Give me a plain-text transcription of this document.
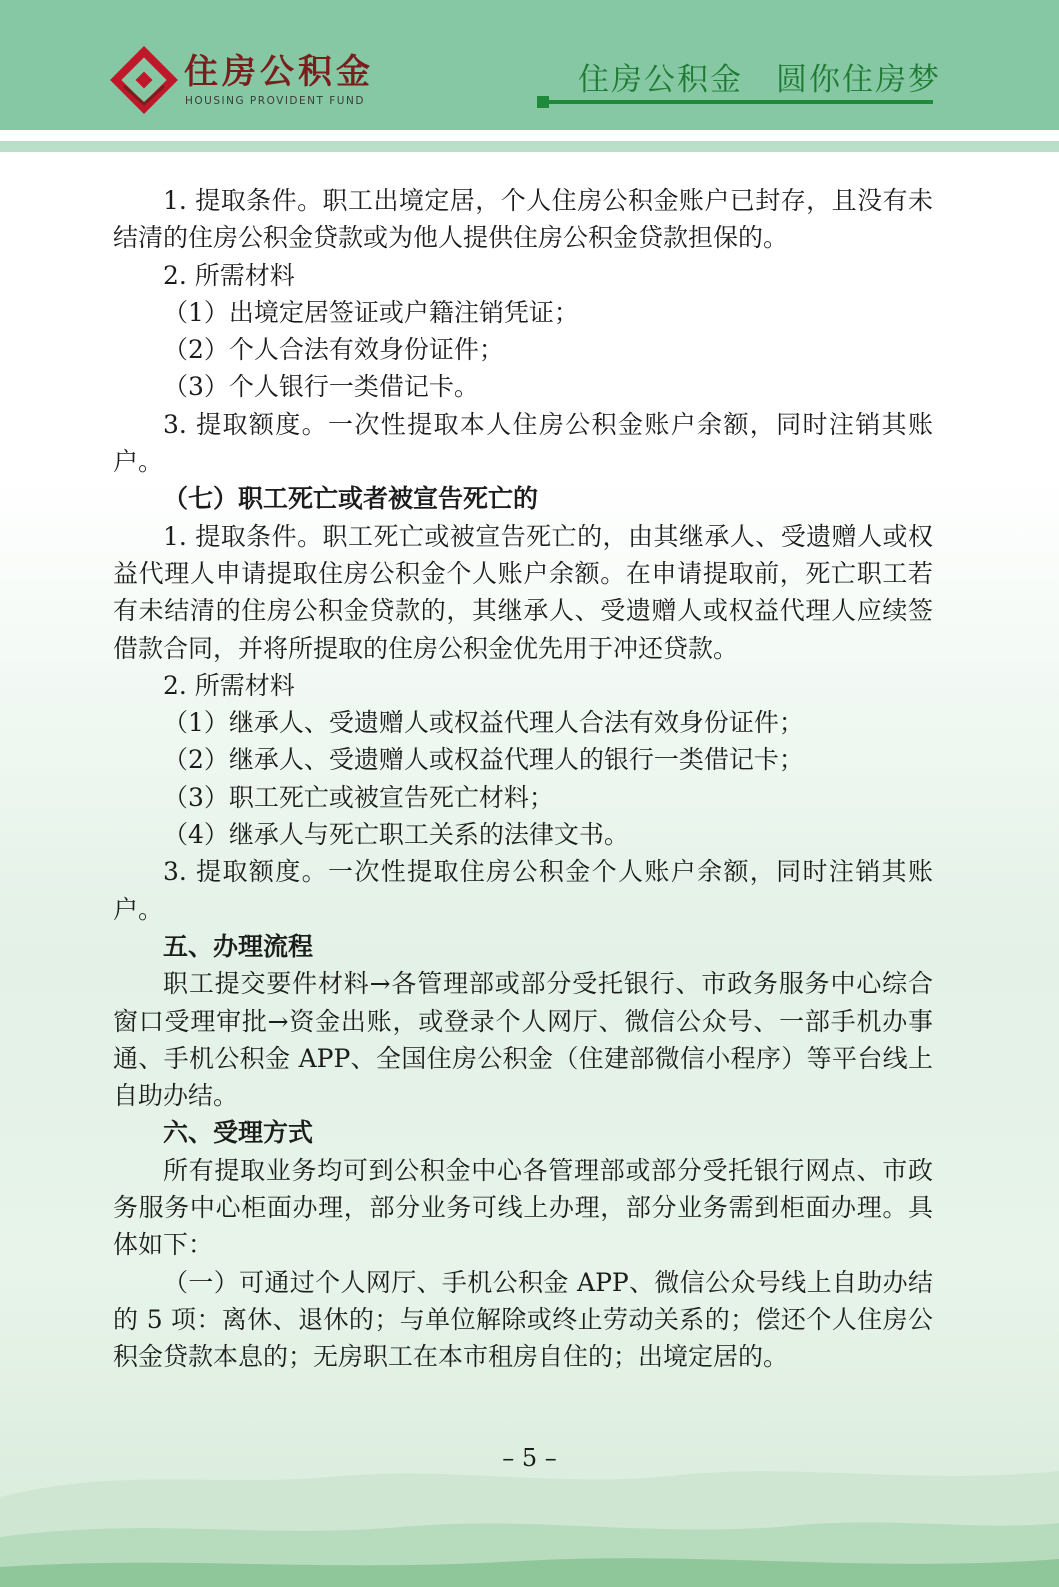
住房公积金
HOUSING PROVIDENT FUND
住房公积金　圆你住房梦

1. 提取条件。职工出境定居，个人住房公积金账户已封存，且没有未结清的住房公积金贷款或为他人提供住房公积金贷款担保的。

2. 所需材料

（1）出境定居签证或户籍注销凭证；

（2）个人合法有效身份证件；

（3）个人银行一类借记卡。

3. 提取额度。一次性提取本人住房公积金账户余额，同时注销其账户。

（七）职工死亡或者被宣告死亡的

1. 提取条件。职工死亡或被宣告死亡的，由其继承人、受遗赠人或权益代理人申请提取住房公积金个人账户余额。在申请提取前，死亡职工若有未结清的住房公积金贷款的，其继承人、受遗赠人或权益代理人应续签借款合同，并将所提取的住房公积金优先用于冲还贷款。

2. 所需材料

（1）继承人、受遗赠人或权益代理人合法有效身份证件；

（2）继承人、受遗赠人或权益代理人的银行一类借记卡；

（3）职工死亡或被宣告死亡材料；

（4）继承人与死亡职工关系的法律文书。

3. 提取额度。一次性提取住房公积金个人账户余额，同时注销其账户。

五、办理流程

职工提交要件材料→各管理部或部分受托银行、市政务服务中心综合窗口受理审批→资金出账，或登录个人网厅、微信公众号、一部手机办事通、手机公积金 APP、全国住房公积金（住建部微信小程序）等平台线上自助办结。

六、受理方式

所有提取业务均可到公积金中心各管理部或部分受托银行网点、市政务服务中心柜面办理，部分业务可线上办理，部分业务需到柜面办理。具体如下：

（一）可通过个人网厅、手机公积金 APP、微信公众号线上自助办结的 5 项：离休、退休的；与单位解除或终止劳动关系的；偿还个人住房公积金贷款本息的；无房职工在本市租房自住的；出境定居的。

– 5 –
